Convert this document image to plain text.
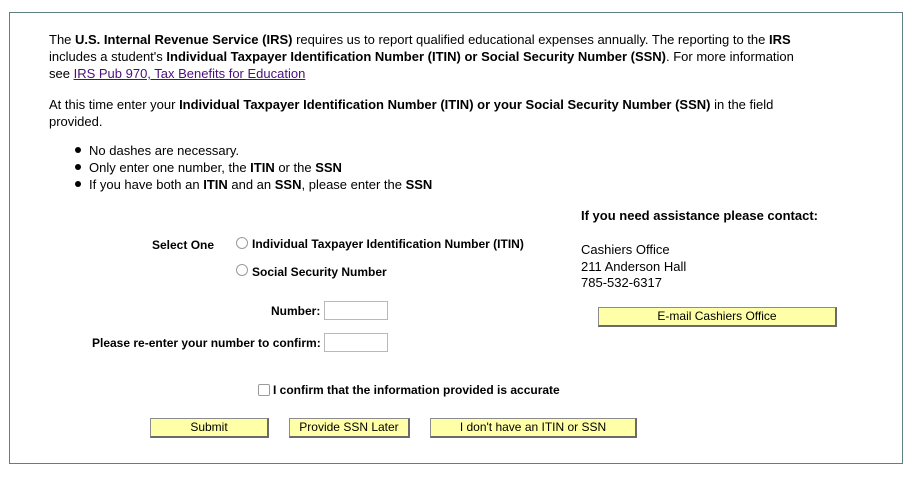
The U.S. Internal Revenue Service (IRS) requires us to report qualified educational expenses annually. The reporting to the IRS includes a student's Individual Taxpayer Identification Number (ITIN) or Social Security Number (SSN). For more information see IRS Pub 970, Tax Benefits for Education

At this time enter your Individual Taxpayer Identification Number (ITIN) or your Social Security Number (SSN) in the field provided.

No dashes are necessary.
Only enter one number, the ITIN or the SSN
If you have both an ITIN and an SSN, please enter the SSN
Select One	Individual Taxpayer Identification Number (ITIN)
Social Security Number
Number:
Please re-enter your number to confirm:
I confirm that the information provided is accurate
Submit	Provide SSN Later	I don't have an ITIN or SSN
If you need assistance please contact:
Cashiers Office
211 Anderson Hall
785-532-6317
E-mail Cashiers Office
